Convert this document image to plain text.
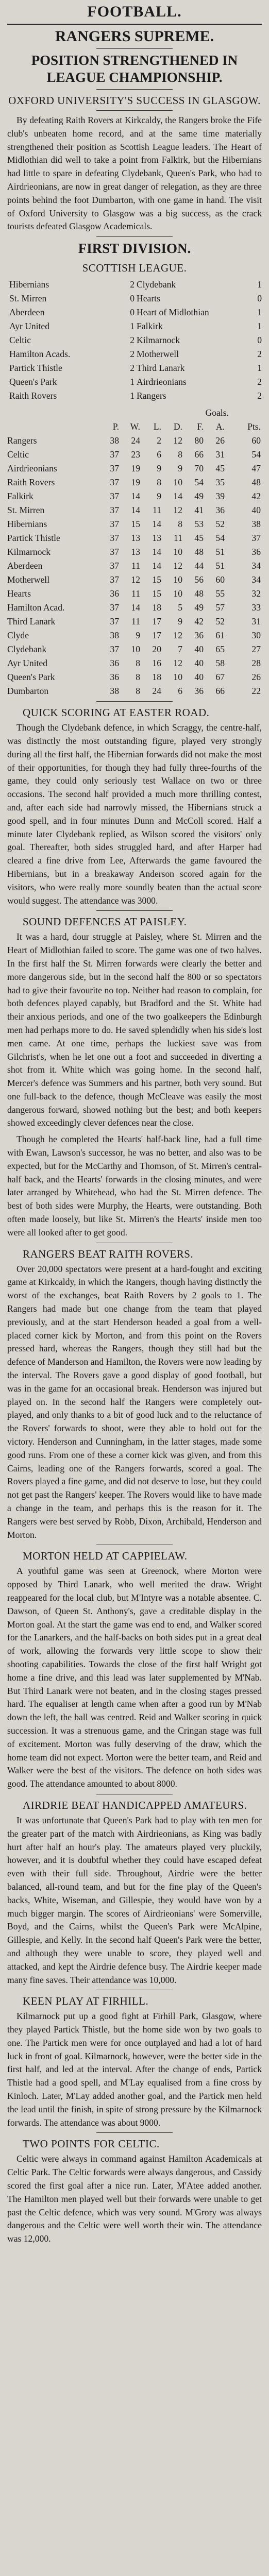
FOOTBALL.
RANGERS SUPREME.
POSITION STRENGTHENED IN LEAGUE CHAMPIONSHIP.
OXFORD UNIVERSITY'S SUCCESS IN GLASGOW.

By defeating Raith Rovers at Kirkcaldy, the Rangers broke the Fife club's unbeaten home record, and at the same time materially strengthened their position as Scottish League leaders. The Heart of Midlothian did well to take a point from Falkirk, but the Hibernians had little to spare in defeating Clydebank, Queen's Park, who had to Airdrieonians, are now in great danger of relegation, as they are three points behind the foot Dumbarton, with one game in hand. The visit of Oxford University to Glasgow was a big success, as the crack tourists defeated Glasgow Academicals.

FIRST DIVISION.
SCOTTISH LEAGUE.
Hibernians	2 Clydebank	1
St. Mirren	0 Hearts	0
Aberdeen	0 Heart of Midlothian	1
Ayr United	1 Falkirk	1
Celtic	2 Kilmarnock	0
Hamilton Acads.	2 Motherwell	2
Partick Thistle	2 Third Lanark	1
Queen's Park	1 Airdrieonians	2
Raith Rovers	1 Rangers	2
Goals.
P.	W.	L.	D.	F.	A.	Pts.
Rangers	38	24	2	12	80	26	60
Celtic	37	23	6	8	66	31	54
Airdrieonians	37	19	9	9	70	45	47
Raith Rovers	37	19	8	10	54	35	48
Falkirk	37	14	9	14	49	39	42
St. Mirren	37	14	11	12	41	36	40
Hibernians	37	15	14	8	53	52	38
Partick Thistle	37	13	13	11	45	54	37
Kilmarnock	37	13	14	10	48	51	36
Aberdeen	37	11	14	12	44	51	34
Motherwell	37	12	15	10	56	60	34
Hearts	36	11	15	10	48	55	32
Hamilton Acad.	37	14	18	5	49	57	33
Third Lanark	37	11	17	9	42	52	31
Clyde	38	9	17	12	36	61	30
Clydebank	37	10	20	7	40	65	27
Ayr United	36	8	16	12	40	58	28
Queen's Park	36	8	18	10	40	67	26
Dumbarton	38	8	24	6	36	66	22
QUICK SCORING AT EASTER ROAD.

Though the Clydebank defence, in which Scraggy, the centre-half, was distinctly the most outstanding figure, played very strongly during all the first half, the Hibernian forwards did not make the most of their opportunities, for though they had fully three-fourths of the game, they could only seriously test Wallace on two or three occasions. The second half provided a much more thrilling contest, and, after each side had narrowly missed, the Hibernians struck a good spell, and in four minutes Dunn and McColl scored. Half a minute later Clydebank replied, as Wilson scored the visitors' only goal. Thereafter, both sides struggled hard, and after Harper had cleared a fine drive from Lee, Afterwards the game favoured the Hibernians, but in a breakaway Anderson scored again for the visitors, who were really more soundly beaten than the actual score would suggest. The attendance was 3000.

SOUND DEFENCES AT PAISLEY.

It was a hard, dour struggle at Paisley, where St. Mirren and the Heart of Midlothian failed to score. The game was one of two halves. In the first half the St. Mirren forwards were clearly the better and more dangerous side, but in the second half the 800 or so spectators had to give their favourite no top. Neither had reason to complain, for both defences played capably, but Bradford and the St. White had their anxious periods, and one of the two goalkeepers the Edinburgh men had perhaps more to do. He saved splendidly when his side's lost men came. At one time, perhaps the luckiest save was from Gilchrist's, when he let one out a foot and succeeded in diverting a shot from it. White which was going home. In the second half, Mercer's defence was Summers and his partner, both very sound. But one full-back to the defence, though McCleave was easily the most dangerous forward, showed nothing but the best; and both keepers showed exceedingly clever defences near the close.

Though he completed the Hearts' half-back line, had a full time with Ewan, Lawson's successor, he was no better, and also was to be expected, but for the McCarthy and Thomson, of St. Mirren's central-half back, and the Hearts' forwards in the closing minutes, and were later arranged by Whitehead, who had the St. Mirren defence. The best of both sides were Murphy, the Hearts, were outstanding. Both often made loosely, but like St. Mirren's the Hearts' inside men too were all looked after to get good.

RANGERS BEAT RAITH ROVERS.

Over 20,000 spectators were present at a hard-fought and exciting game at Kirkcaldy, in which the Rangers, though having distinctly the worst of the exchanges, beat Raith Rovers by 2 goals to 1. The Rangers had made but one change from the team that played previously, and at the start Henderson headed a goal from a well-placed corner kick by Morton, and from this point on the Rovers pressed hard, whereas the Rangers, though they still had but the defence of Manderson and Hamilton, the Rovers were now leading by the interval. The Rovers gave a good display of good football, but was in the game for an occasional break. Henderson was injured but played on. In the second half the Rangers were completely out-played, and only thanks to a bit of good luck and to the reluctance of the Rovers' forwards to shoot, were they able to hold out for the victory. Henderson and Cunningham, in the latter stages, made some good runs. From one of these a corner kick was given, and from this Cairns, leading one of the Rangers forwards, scored a goal. The Rovers played a fine game, and did not deserve to lose, but they could not get past the Rangers' keeper. The Rovers would like to have made a change in the team, and perhaps this is the reason for it. The Rangers were best served by Robb, Dixon, Archibald, Henderson and Morton.

MORTON HELD AT CAPPIELAW.

A youthful game was seen at Greenock, where Morton were opposed by Third Lanark, who well merited the draw. Wright reappeared for the local club, but M'Intyre was a notable absentee. C. Dawson, of Queen St. Anthony's, gave a creditable display in the Morton goal. At the start the game was end to end, and Walker scored for the Lanarkers, and the half-backs on both sides put in a great deal of work, allowing the forwards very little scope to show their shooting capabilities. Towards the close of the first half Wright got home a fine drive, and this lead was later supplemented by M'Nab. But Third Lanark were not beaten, and in the closing stages pressed hard. The equaliser at length came when after a good run by M'Nab down the left, the ball was centred. Reid and Walker scoring in quick succession. It was a strenuous game, and the Cringan stage was full of excitement. Morton was fully deserving of the draw, which the home team did not expect. Morton were the better team, and Reid and Walker were the best of the visitors. The defence on both sides was good. The attendance amounted to about 8000.

AIRDRIE BEAT HANDICAPPED AMATEURS.

It was unfortunate that Queen's Park had to play with ten men for the greater part of the match with Airdrieonians, as King was badly hurt after half an hour's play. The amateurs played very pluckily, however, and it is doubtful whether they could have escaped defeat even with their full side. Throughout, Airdrie were the better balanced, all-round team, and but for the fine play of the Queen's backs, White, Wiseman, and Gillespie, they would have won by a much bigger margin. The scores of Airdrieonians' were Somerville, Boyd, and the Cairns, whilst the Queen's Park were McAlpine, Gillespie, and Kelly. In the second half Queen's Park were the better, and although they were unable to score, they played well and attacked, and kept the Airdrie defence busy. The Airdrie keeper made many fine saves. Their attendance was 10,000.

KEEN PLAY AT FIRHILL.

Kilmarnock put up a good fight at Firhill Park, Glasgow, where they played Partick Thistle, but the home side won by two goals to one. The Partick men were for once outplayed and had a lot of hard luck in front of goal. Kilmarnock, however, were the better side in the first half, and led at the interval. After the change of ends, Partick Thistle had a good spell, and M'Lay equalised from a fine cross by Kinloch. Later, M'Lay added another goal, and the Partick men held the lead until the finish, in spite of strong pressure by the Kilmarnock forwards. The attendance was about 9000.

TWO POINTS FOR CELTIC.

Celtic were always in command against Hamilton Academicals at Celtic Park. The Celtic forwards were always dangerous, and Cassidy scored the first goal after a nice run. Later, M'Atee added another. The Hamilton men played well but their forwards were unable to get past the Celtic defence, which was very sound. M'Grory was always dangerous and the Celtic were well worth their win. The attendance was 12,000.
